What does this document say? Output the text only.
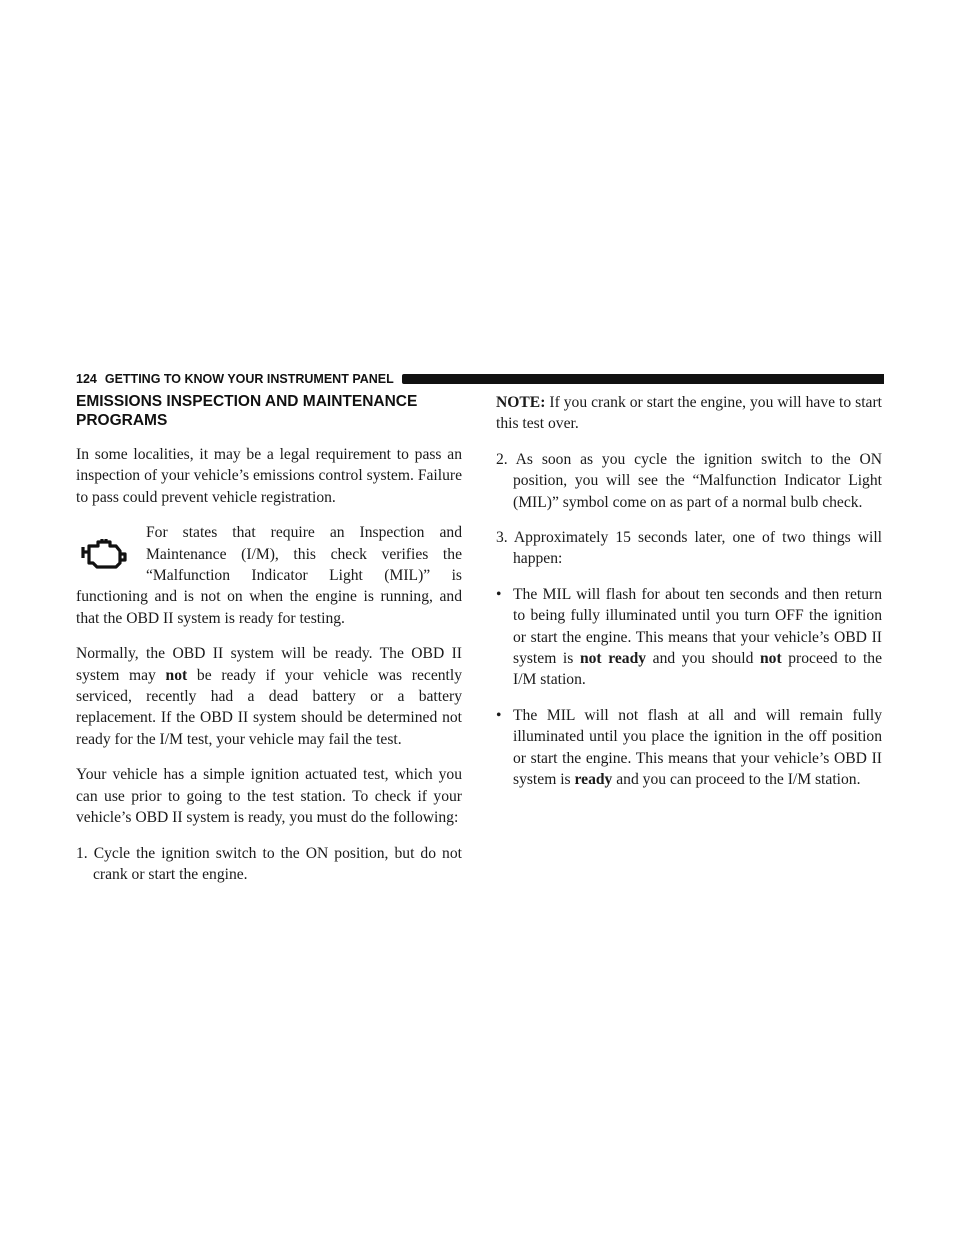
124 GETTING TO KNOW YOUR INSTRUMENT PANEL
EMISSIONS INSPECTION AND MAINTENANCE PROGRAMS

In some localities, it may be a legal requirement to pass an inspection of your vehicle’s emissions control system. Failure to pass could prevent vehicle registration.

For states that require an Inspection and Maintenance (I/M), this check verifies the “Malfunction Indicator Light (MIL)” is functioning and is not on when the engine is running, and that the OBD II system is ready for testing.

Normally, the OBD II system will be ready. The OBD II system may not be ready if your vehicle was recently serviced, recently had a dead battery or a battery replacement. If the OBD II system should be determined not ready for the I/M test, your vehicle may fail the test.

Your vehicle has a simple ignition actuated test, which you can use prior to going to the test station. To check if your vehicle’s OBD II system is ready, you must do the following:

1. Cycle the ignition switch to the ON position, but do not crank or start the engine.

NOTE: If you crank or start the engine, you will have to start this test over.

2. As soon as you cycle the ignition switch to the ON position, you will see the “Malfunction Indicator Light (MIL)” symbol come on as part of a normal bulb check.

3. Approximately 15 seconds later, one of two things will happen:

• The MIL will flash for about ten seconds and then return to being fully illuminated until you turn OFF the ignition or start the engine. This means that your vehicle’s OBD II system is not ready and you should not proceed to the I/M station.

• The MIL will not flash at all and will remain fully illuminated until you place the ignition in the off position or start the engine. This means that your vehicle’s OBD II system is ready and you can proceed to the I/M station.
